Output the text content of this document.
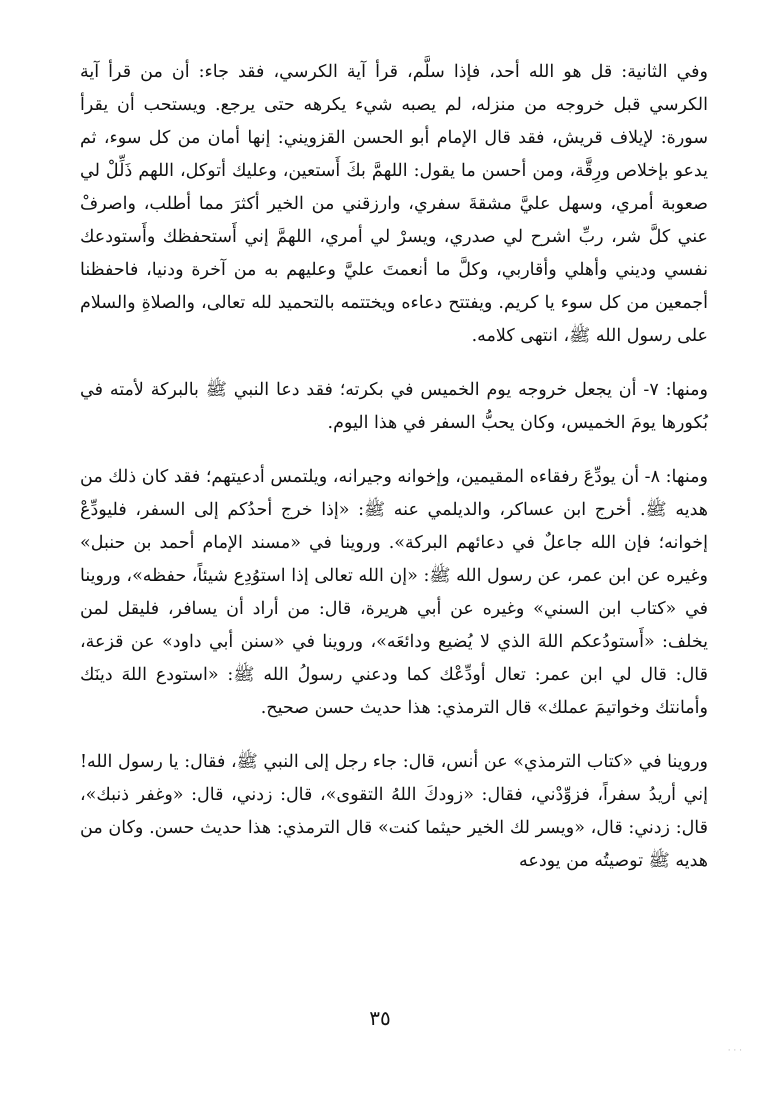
وفي الثانية: قل هو الله أحد، فإذا سلَّم، قرأ آية الكرسي، فقد جاء: أن من قرأ آية الكرسي قبل خروجه من منزله، لم يصبه شيء يكرهه حتى يرجع. ويستحب أن يقرأ سورة: لإيلاف قريش، فقد قال الإمام أبو الحسن القزويني: إنها أمان من كل سوء، ثم يدعو بإخلاص ورِقَّة، ومن أحسن ما يقول: اللهمَّ بكَ أَستعين، وعليك أتوكل، اللهم ذَلِّلْ لي صعوبة أمري، وسهل عليَّ مشقةَ سفري، وارزقني من الخير أكثرَ مما أطلب، واصرفْ عني كلَّ شر، ربِّ اشرح لي صدري، ويسرْ لي أمري، اللهمَّ إني أَستحفظك وأَستودعك نفسي وديني وأهلي وأقاربي، وكلَّ ما أنعمتَ عليَّ وعليهم به من آخرة ودنيا، فاحفظنا أجمعين من كل سوء يا كريم. ويفتتح دعاءه ويختتمه بالتحميد لله تعالى، والصلاةِ والسلام على رسول الله ﷺ، انتهى كلامه.

ومنها: ٧- أن يجعل خروجه يوم الخميس في بكرته؛ فقد دعا النبي ﷺ بالبركة لأمته في بُكورها يومَ الخميس، وكان يحبُّ السفر في هذا اليوم.

ومنها: ٨- أن يودِّعَ رفقاءه المقيمين، وإخوانه وجيرانه، ويلتمس أدعيتهم؛ فقد كان ذلك من هديه ﷺ. أخرج ابن عساكر، والديلمي عنه ﷺ: «إذا خرج أحدُكم إلى السفر، فليودِّعْ إخوانه؛ فإن الله جاعلٌ في دعائهم البركة». وروينا في «مسند الإمام أحمد بن حنبل» وغيره عن ابن عمر، عن رسول الله ﷺ: «إن الله تعالى إذا استوُدِع شيئاً، حفظه»، وروينا في «كتاب ابن السني» وغيره عن أبي هريرة، قال: من أراد أن يسافر، فليقل لمن يخلف: «أَستودُعكم اللهَ الذي لا يُضيع ودائعَه»، وروينا في «سنن أبي داود» عن قزعة، قال: قال لي ابن عمر: تعال أودِّعْك كما ودعني رسولُ الله ﷺ: «استودع اللهَ دينَك وأمانتك وخواتيمَ عملك» قال الترمذي: هذا حديث حسن صحيح.

وروينا في «كتاب الترمذي» عن أنس، قال: جاء رجل إلى النبي ﷺ، فقال: يا رسول الله! إني أريدُ سفراً، فزوِّدْني، فقال: «زودكَ اللهُ التقوى»، قال: زدني، قال: «وغفر ذنبك»، قال: زدني: قال، «ويسر لك الخير حيثما كنت» قال الترمذي: هذا حديث حسن. وكان من هديه ﷺ توصيتُه من يودعه

٣٥
· · ·
